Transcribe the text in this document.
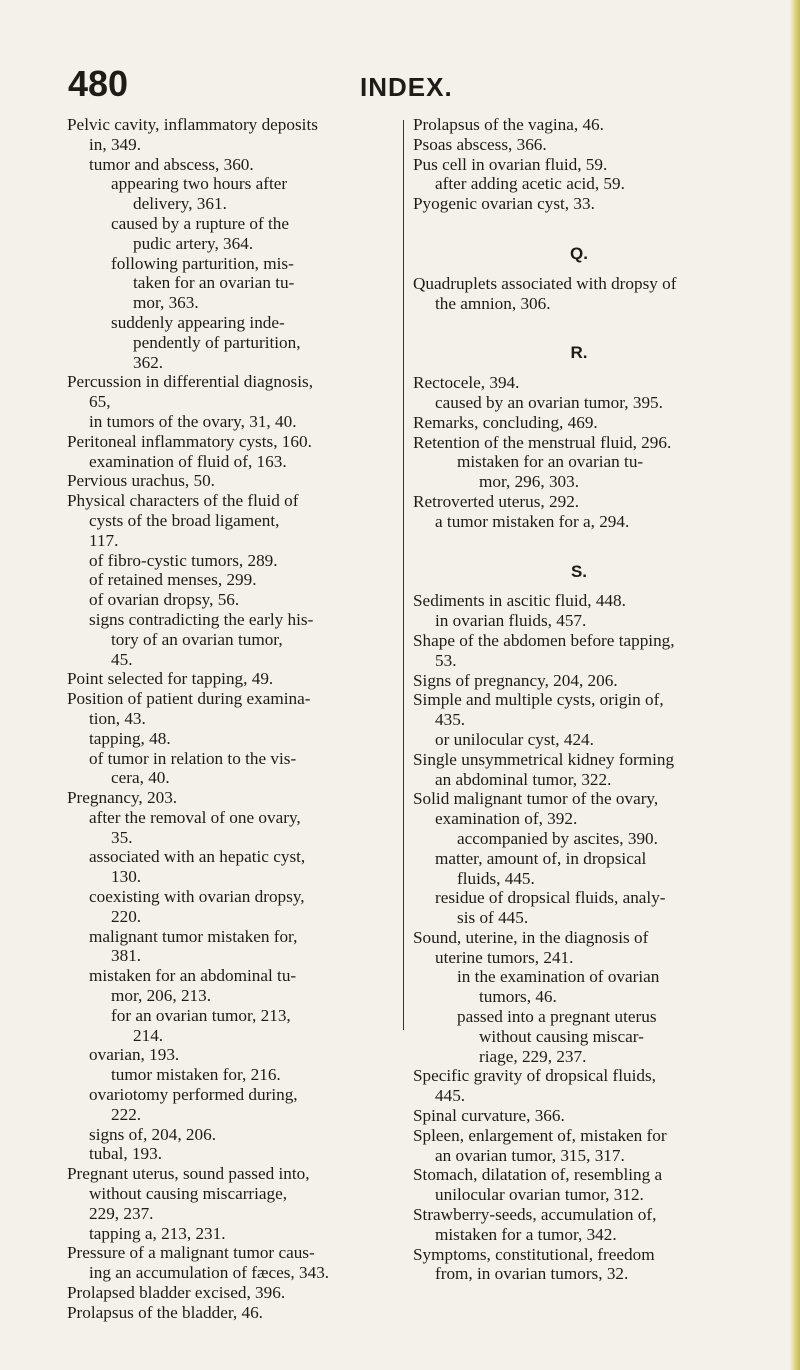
480	INDEX.
Pelvic cavity, inflammatory deposits
in, 349.
tumor and abscess, 360.
appearing two hours after
delivery, 361.
caused by a rupture of the
pudic artery, 364.
following parturition, mis-
taken for an ovarian tu-
mor, 363.
suddenly appearing inde-
pendently of parturition,
362.
Percussion in differential diagnosis,
65,
in tumors of the ovary, 31, 40.
Peritoneal inflammatory cysts, 160.
examination of fluid of, 163.
Pervious urachus, 50.
Physical characters of the fluid of
cysts of the broad ligament,
117.
of fibro-cystic tumors, 289.
of retained menses, 299.
of ovarian dropsy, 56.
signs contradicting the early his-
tory of an ovarian tumor,
45.
Point selected for tapping, 49.
Position of patient during examina-
tion, 43.
tapping, 48.
of tumor in relation to the vis-
cera, 40.
Pregnancy, 203.
after the removal of one ovary,
35.
associated with an hepatic cyst,
130.
coexisting with ovarian dropsy,
220.
malignant tumor mistaken for,
381.
mistaken for an abdominal tu-
mor, 206, 213.
for an ovarian tumor, 213,
214.
ovarian, 193.
tumor mistaken for, 216.
ovariotomy performed during,
222.
signs of, 204, 206.
tubal, 193.
Pregnant uterus, sound passed into,
without causing miscarriage,
229, 237.
tapping a, 213, 231.
Pressure of a malignant tumor caus-
ing an accumulation of fæces, 343.
Prolapsed bladder excised, 396.
Prolapsus of the bladder, 46.
Prolapsus of the vagina, 46.
Psoas abscess, 366.
Pus cell in ovarian fluid, 59.
after adding acetic acid, 59.
Pyogenic ovarian cyst, 33.
Q.
Quadruplets associated with dropsy of
the amnion, 306.
R.
Rectocele, 394.
caused by an ovarian tumor, 395.
Remarks, concluding, 469.
Retention of the menstrual fluid, 296.
mistaken for an ovarian tu-
mor, 296, 303.
Retroverted uterus, 292.
a tumor mistaken for a, 294.
S.
Sediments in ascitic fluid, 448.
in ovarian fluids, 457.
Shape of the abdomen before tapping,
53.
Signs of pregnancy, 204, 206.
Simple and multiple cysts, origin of,
435.
or unilocular cyst, 424.
Single unsymmetrical kidney forming
an abdominal tumor, 322.
Solid malignant tumor of the ovary,
examination of, 392.
accompanied by ascites, 390.
matter, amount of, in dropsical
fluids, 445.
residue of dropsical fluids, analy-
sis of 445.
Sound, uterine, in the diagnosis of
uterine tumors, 241.
in the examination of ovarian
tumors, 46.
passed into a pregnant uterus
without causing miscar-
riage, 229, 237.
Specific gravity of dropsical fluids,
445.
Spinal curvature, 366.
Spleen, enlargement of, mistaken for
an ovarian tumor, 315, 317.
Stomach, dilatation of, resembling a
unilocular ovarian tumor, 312.
Strawberry-seeds, accumulation of,
mistaken for a tumor, 342.
Symptoms, constitutional, freedom
from, in ovarian tumors, 32.
